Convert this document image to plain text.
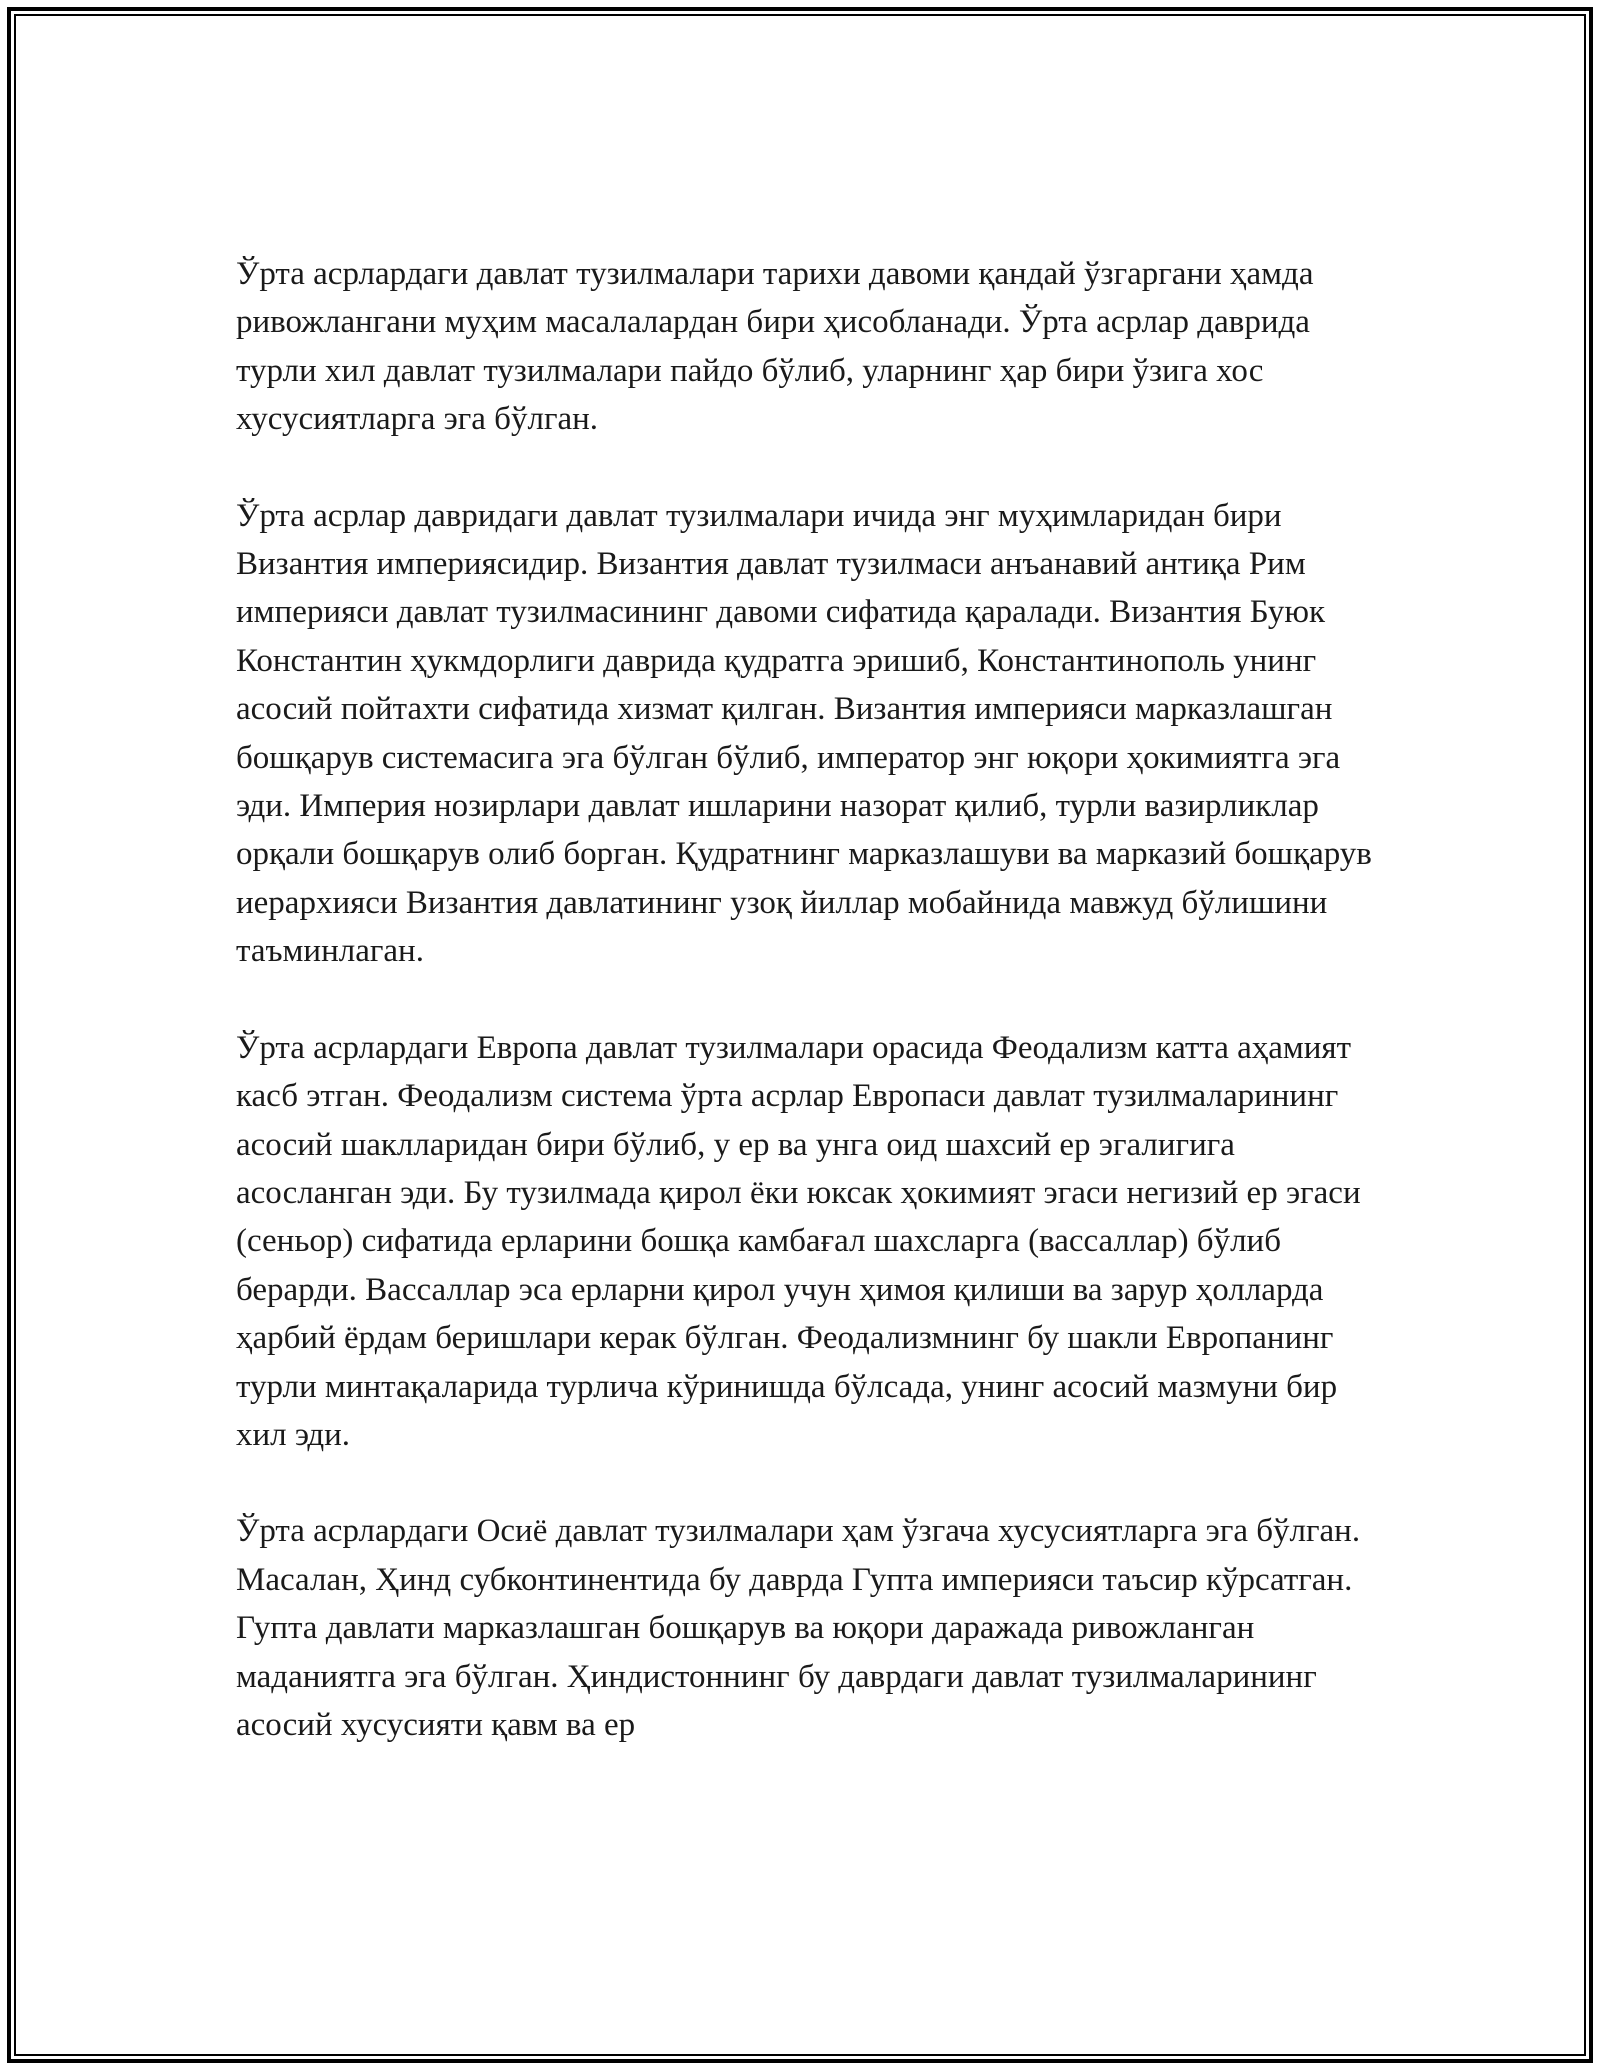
Ўрта асрлардаги давлат тузилмалари тарихи давоми қандай ўзгаргани ҳамда ривожлангани муҳим масалалардан бири ҳисобланади. Ўрта асрлар даврида турли хил давлат тузилмалари пайдо бўлиб, уларнинг ҳар бири ўзига хос хусусиятларга эга бўлган.

Ўрта асрлар давридаги давлат тузилмалари ичида энг муҳимларидан бири Византия империясидир. Византия давлат тузилмаси анъанавий антиқа Рим империяси давлат тузилмасининг давоми сифатида қаралади. Византия Буюк Константин ҳукмдорлиги даврида қудратга эришиб, Константинополь унинг асосий пойтахти сифатида хизмат қилган. Византия империяси марказлашган бошқарув системасига эга бўлган бўлиб, император энг юқори ҳокимиятга эга эди. Империя нозирлари давлат ишларини назорат қилиб, турли вазирликлар орқали бошқарув олиб борган. Қудратнинг марказлашуви ва марказий бошқарув иерархияси Византия давлатининг узоқ йиллар мобайнида мавжуд бўлишини таъминлаган.

Ўрта асрлардаги Европа давлат тузилмалари орасида Феодализм катта аҳамият касб этган. Феодализм система ўрта асрлар Европаси давлат тузилмаларининг асосий шаклларидан бири бўлиб, у ер ва унга оид шахсий ер эгалигига асосланган эди. Бу тузилмада қирол ёки юксак ҳокимият эгаси негизий ер эгаси (сеньор) сифатида ерларини бошқа камбағал шахсларга (вассаллар) бўлиб берарди. Вассаллар эса ерларни қирол учун ҳимоя қилиши ва зарур ҳолларда ҳарбий ёрдам беришлари керак бўлган. Феодализмнинг бу шакли Европанинг турли минтақаларида турлича кўринишда бўлсада, унинг асосий мазмуни бир хил эди.

Ўрта асрлардаги Осиё давлат тузилмалари ҳам ўзгача хусусиятларга эга бўлган. Масалан, Ҳинд субконтинентида бу даврда Гупта империяси таъсир кўрсатган. Гупта давлати марказлашган бошқарув ва юқори даражада ривожланган маданиятга эга бўлган. Ҳиндистоннинг бу даврдаги давлат тузилмаларининг асосий хусусияти қавм ва ер
